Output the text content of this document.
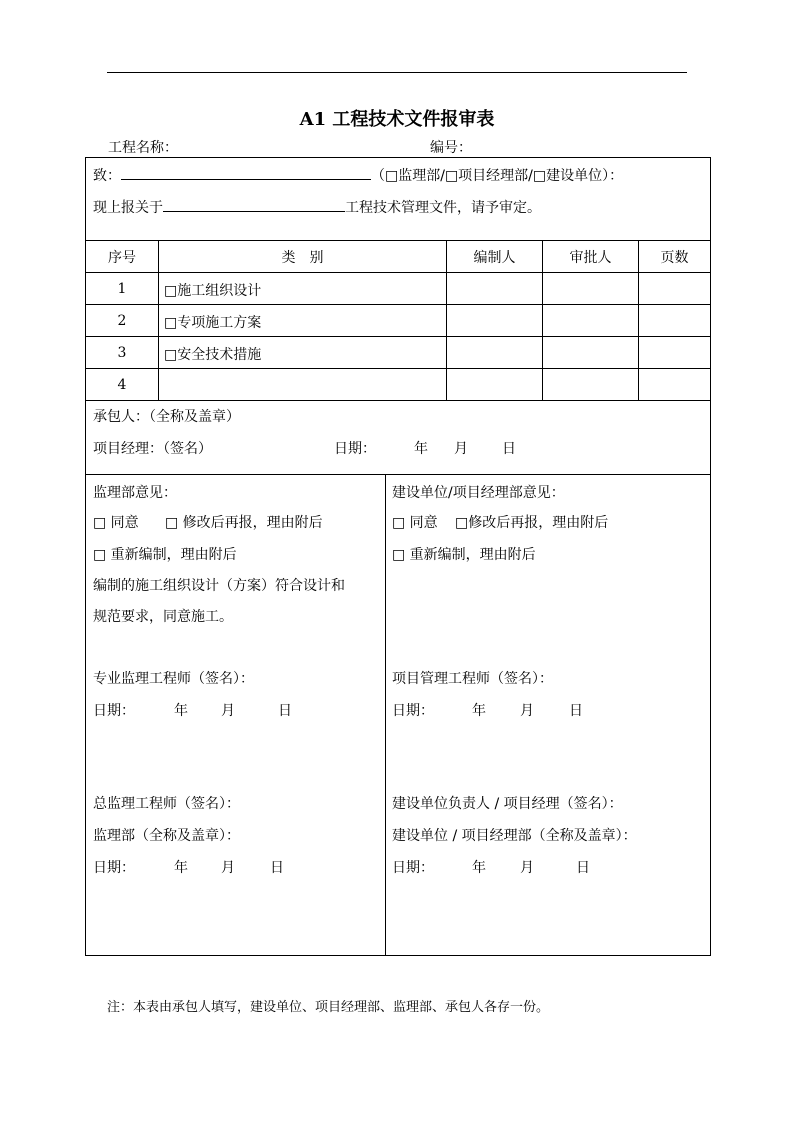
A1 工程技术文件报审表
工程名称：	编号：
致：	（□监理部/□项目经理部/□建设单位）：
现上报关于	工程技术管理文件，请予审定。
序号	类　别	编制人	审批人	页数
1	□施工组织设计
2	□专项施工方案
3	□安全技术措施
4
承包人：（全称及盖章）
项目经理：（签名）	日期：	年 月 日
监理部意见：
□ 同意 □ 修改后再报，理由附后
□ 重新编制，理由附后
编制的施工组织设计（方案）符合设计和
规范要求，同意施工。
专业监理工程师（签名）：
日期：	年 月	日
总监理工程师（签名）：
监理部（全称及盖章）：
日期：	年 月	日
建设单位/项目经理部意见：
□ 同意 □修改后再报，理由附后
□ 重新编制，理由附后
项目管理工程师（签名）：
日期：	年 月	日
建设单位负责人 / 项目经理（签名）：
建设单位 / 项目经理部（全称及盖章）：
日期：	年 月	日
注：本表由承包人填写，建设单位、项目经理部、监理部、承包人各存一份。
